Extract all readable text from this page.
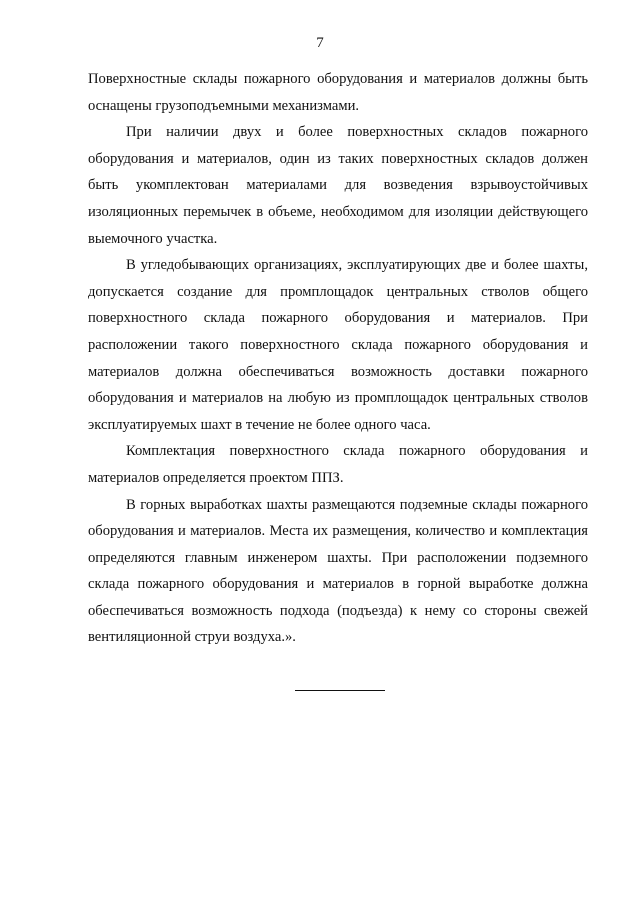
7

Поверхностные склады пожарного оборудования и материалов должны быть оснащены грузоподъемными механизмами.

При наличии двух и более поверхностных складов пожарного оборудования и материалов, один из таких поверхностных складов должен быть укомплектован материалами для возведения взрывоустойчивых изоляционных перемычек в объеме, необходимом для изоляции действующего выемочного участка.

В угледобывающих организациях, эксплуатирующих две и более шахты, допускается создание для промплощадок центральных стволов общего поверхностного склада пожарного оборудования и материалов. При расположении такого поверхностного склада пожарного оборудования и материалов должна обеспечиваться возможность доставки пожарного оборудования и материалов на любую из промплощадок центральных стволов эксплуатируемых шахт в течение не более одного часа.

Комплектация поверхностного склада пожарного оборудования и материалов определяется проектом ППЗ.

В горных выработках шахты размещаются подземные склады пожарного оборудования и материалов. Места их размещения, количество и комплектация определяются главным инженером шахты. При расположении подземного склада пожарного оборудования и материалов в горной выработке должна обеспечиваться возможность подхода (подъезда) к нему со стороны свежей вентиляционной струи воздуха.».
